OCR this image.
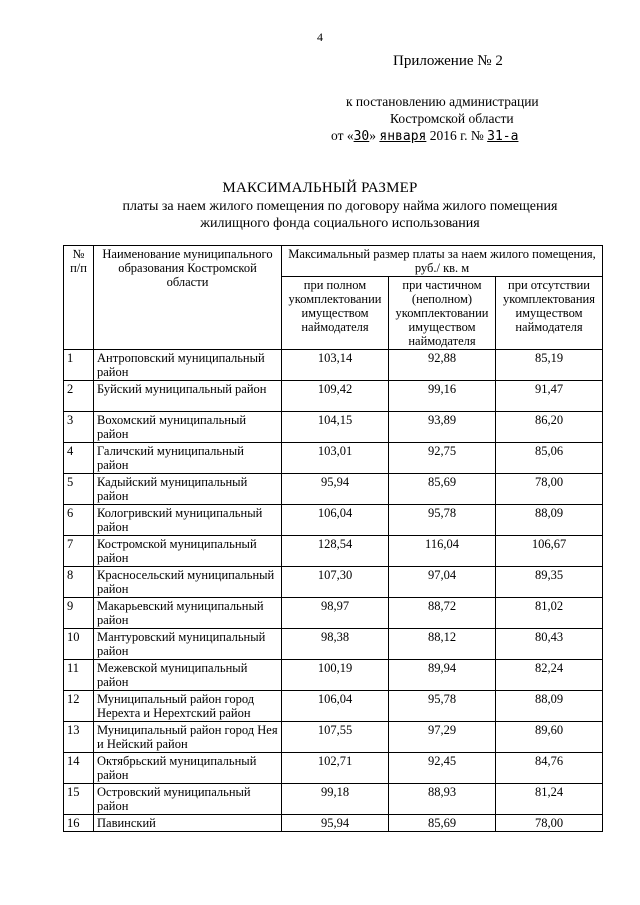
4
Приложение № 2
к постановлению администрации
Костромской области
от «30» января 2016 г. № 31-а
МАКСИМАЛЬНЫЙ РАЗМЕР
платы за наем жилого помещения по договору найма жилого помещения
жилищного фонда социального использования
№ п/п	Наименование муниципального образования Костромской области	Максимальный размер платы за наем жилого помещения, руб./ кв. м		
		при полном укомплектовании имуществом наймодателя	при частичном (неполном) укомплектовании имуществом наймодателя	при отсутствии укомплектования имуществом наймодателя
1	Антроповский муниципальный район	103,14	92,88	85,19
2	Буйский муниципальный район	109,42	99,16	91,47
3	Вохомский муниципальный район	104,15	93,89	86,20
4	Галичский муниципальный район	103,01	92,75	85,06
5	Кадыйский муниципальный район	95,94	85,69	78,00
6	Кологривский муниципальный район	106,04	95,78	88,09
7	Костромской муниципальный район	128,54	116,04	106,67
8	Красносельский муниципальный район	107,30	97,04	89,35
9	Макарьевский муниципальный район	98,97	88,72	81,02
10	Мантуровский муниципальный район	98,38	88,12	80,43
11	Межевской муниципальный район	100,19	89,94	82,24
12	Муниципальный район город Нерехта и Нерехтский район	106,04	95,78	88,09
13	Муниципальный район город Нея и Нейский район	107,55	97,29	89,60
14	Октябрьский муниципальный район	102,71	92,45	84,76
15	Островский муниципальный район	99,18	88,93	81,24
16	Павинский	95,94	85,69	78,00
